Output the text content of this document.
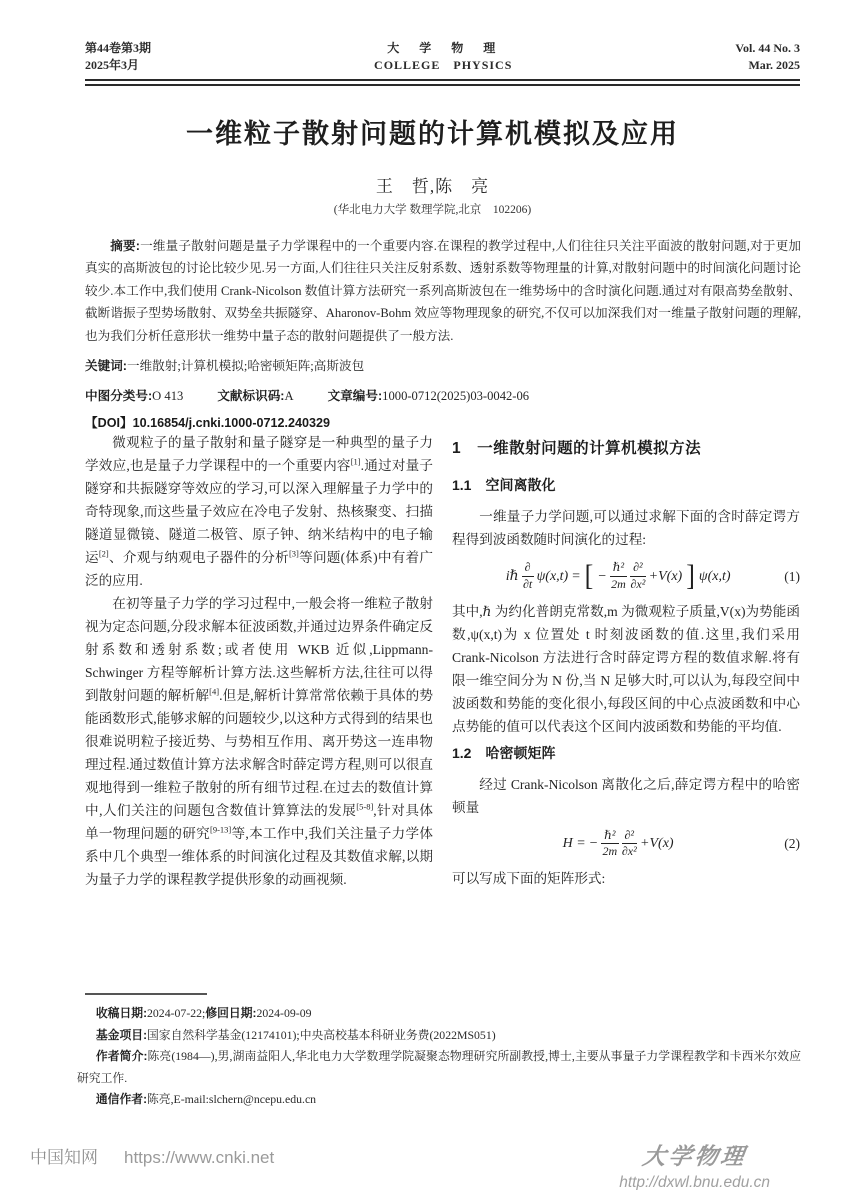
第44卷第3期
2025年3月
大　学　物　理
COLLEGE　PHYSICS
Vol. 44 No. 3
Mar. 2025
一维粒子散射问题的计算机模拟及应用
王　哲,陈　亮
(华北电力大学 数理学院,北京　102206)

摘要:一维量子散射问题是量子力学课程中的一个重要内容.在课程的教学过程中,人们往往只关注平面波的散射问题,对于更加真实的高斯波包的讨论比较少见.另一方面,人们往往只关注反射系数、透射系数等物理量的计算,对散射问题中的时间演化问题讨论较少.本工作中,我们使用 Crank-Nicolson 数值计算方法研究一系列高斯波包在一维势场中的含时演化问题.通过对有限高势垒散射、截断谐振子型势场散射、双势垒共振隧穿、Aharonov-Bohm 效应等物理现象的研究,不仅可以加深我们对一维量子散射问题的理解,也为我们分析任意形状一维势中量子态的散射问题提供了一般方法.

关键词:一维散射;计算机模拟;哈密顿矩阵;高斯波包
中图分类号:O 413	文献标识码:A	文章编号:1000-0712(2025)03-0042-06
【DOI】10.16854/j.cnki.1000-0712.240329

微观粒子的量子散射和量子隧穿是一种典型的量子力学效应,也是量子力学课程中的一个重要内容[1].通过对量子隧穿和共振隧穿等效应的学习,可以深入理解量子力学中的奇特现象,而这些量子效应在冷电子发射、热核聚变、扫描隧道显微镜、隧道二极管、原子钟、纳米结构中的电子输运[2]、介观与纳观电子器件的分析[3]等问题(体系)中有着广泛的应用.

在初等量子力学的学习过程中,一般会将一维粒子散射视为定态问题,分段求解本征波函数,并通过边界条件确定反射系数和透射系数;或者使用 WKB 近似,Lippmann-Schwinger 方程等解析计算方法.这些解析方法,往往可以得到散射问题的解析解[4].但是,解析计算常常依赖于具体的势能函数形式,能够求解的问题较少,以这种方式得到的结果也很难说明粒子接近势、与势相互作用、离开势这一连串物理过程.通过数值计算方法求解含时薛定谔方程,则可以很直观地得到一维粒子散射的所有细节过程.在过去的数值计算中,人们关注的问题包含数值计算算法的发展[5-8],针对具体单一物理问题的研究[9-13]等,本工作中,我们关注量子力学体系中几个典型一维体系的时间演化过程及其数值求解,以期为量子力学的课程教学提供形象的动画视频.

1　一维散射问题的计算机模拟方法
1.1　空间离散化

一维量子力学问题,可以通过求解下面的含时薛定谔方程得到波函数随时间演化的过程:

iℏ $\frac{\partial}{\partial t} \psi(x,t)$ = [ − $\frac{\text{ℏ²}}{2m} \frac{\text{∂²}}{\text{∂x²}} +V(x)$ ] ψ(x,t)	(1)

其中,ℏ 为约化普朗克常数,m 为微观粒子质量,V(x)为势能函数,ψ(x,t)为 x 位置处 t 时刻波函数的值.这里,我们采用 Crank-Nicolson 方法进行含时薛定谔方程的数值求解.将有限一维空间分为 N 份,当 N 足够大时,可以认为,每段空间中波函数和势能的变化很小,每段区间的中心点波函数和中心点势能的值可以代表这个区间内波函数和势能的平均值.

1.2　哈密顿矩阵

经过 Crank-Nicolson 离散化之后,薛定谔方程中的哈密顿量

H = − $\frac{\text{ℏ²}}{2m} \frac{\text{∂²}}{\text{∂x²}} +V(x)$	(2)

可以写成下面的矩阵形式:

收稿日期:2024-07-22;修回日期:2024-09-09

基金项目:国家自然科学基金(12174101);中央高校基本科研业务费(2022MS051)

作者简介:陈亮(1984—),男,湖南益阳人,华北电力大学数理学院凝聚态物理研究所副教授,博士,主要从事量子力学课程教学和卡西米尔效应研究工作.

通信作者:陈亮,E-mail:slchern@ncepu.edu.cn

中国知网 https://www.cnki.net	大学物理
http://dxwl.bnu.edu.cn
